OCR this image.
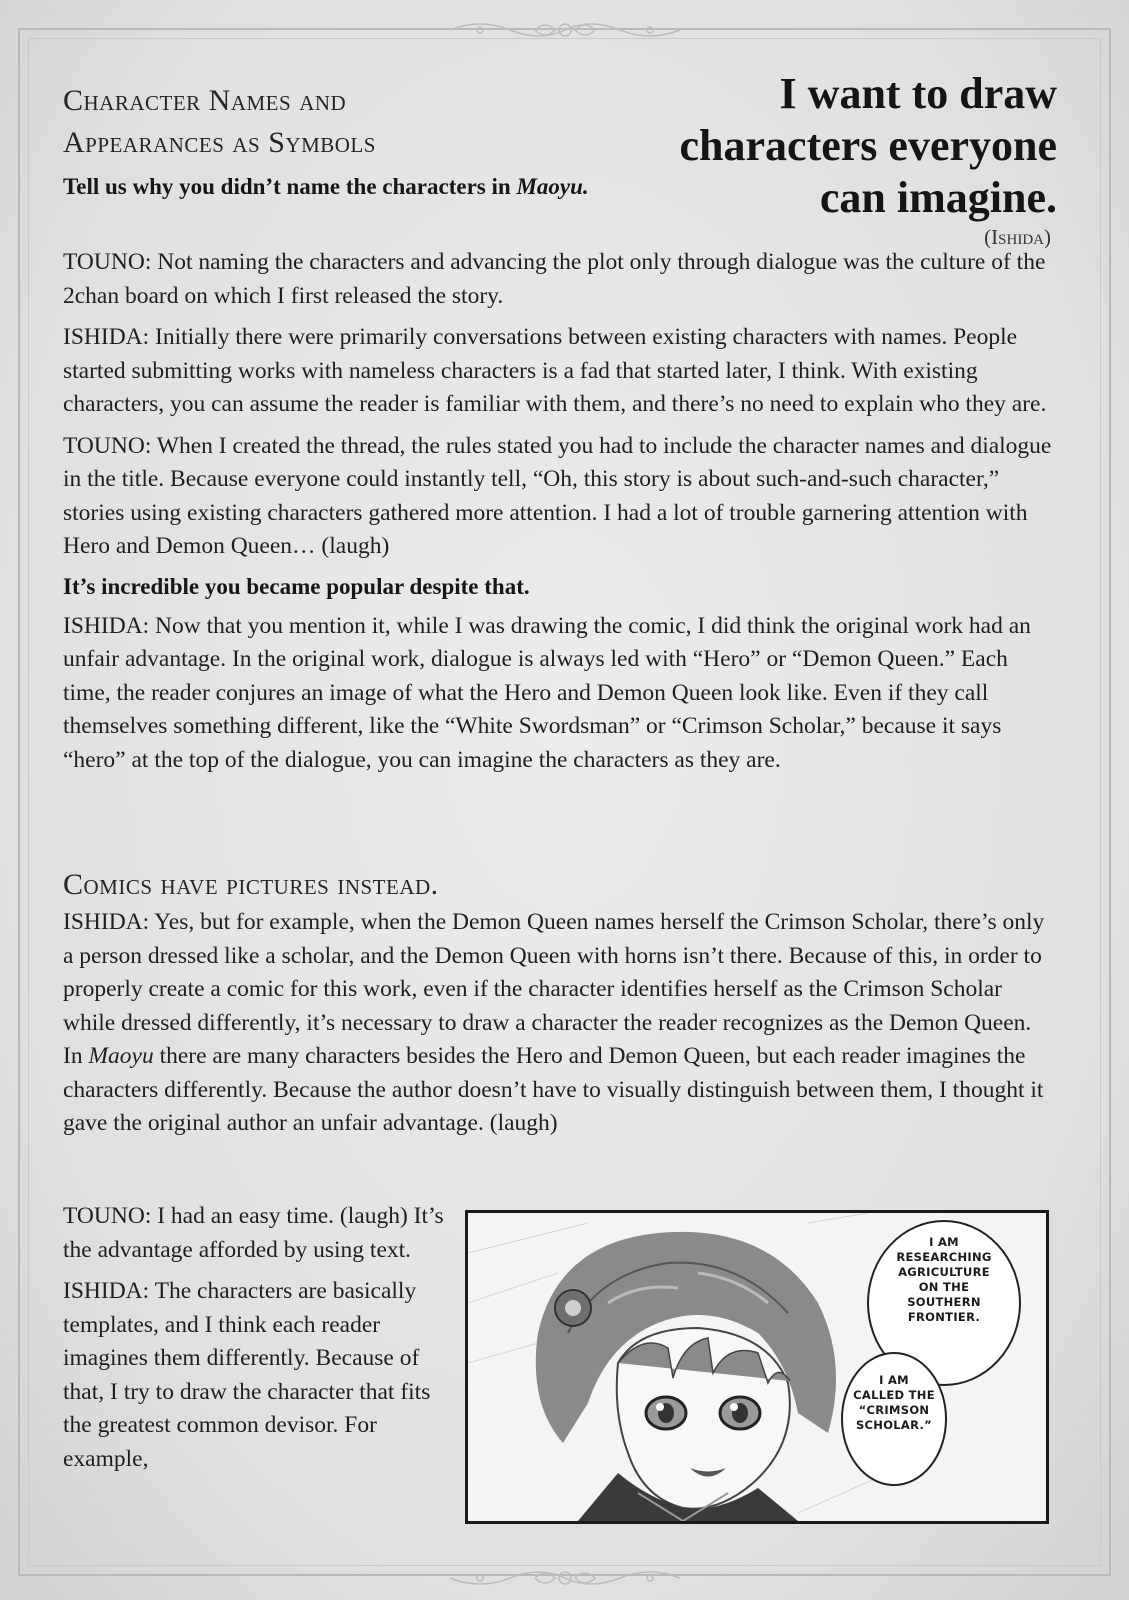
Character Names and
Appearances as Symbols
I want to draw
characters everyone
can imagine.
(Ishida)

Tell us why you didn’t name the characters in Maoyu.

TOUNO: Not naming the characters and advancing the plot only through dialogue was the culture of the 2chan board on which I first released the story.

ISHIDA: Initially there were primarily conversations between existing characters with names. People started submitting works with nameless characters is a fad that started later, I think. With existing characters, you can assume the reader is familiar with them, and there’s no need to explain who they are.

TOUNO: When I created the thread, the rules stated you had to include the character names and dialogue in the title. Because everyone could instantly tell, “Oh, this story is about such-and-such character,” stories using existing characters gathered more attention. I had a lot of trouble garnering attention with Hero and Demon Queen… (laugh)

It’s incredible you became popular despite that.

ISHIDA: Now that you mention it, while I was drawing the comic, I did think the original work had an unfair advantage. In the original work, dialogue is always led with “Hero” or “Demon Queen.” Each time, the reader conjures an image of what the Hero and Demon Queen look like. Even if they call themselves something different, like the “White Swordsman” or “Crimson Scholar,” because it says “hero” at the top of the dialogue, you can imagine the characters as they are.

Comics have pictures instead.

ISHIDA: Yes, but for example, when the Demon Queen names herself the Crimson Scholar, there’s only a person dressed like a scholar, and the Demon Queen with horns isn’t there. Because of this, in order to properly create a comic for this work, even if the character identifies herself as the Crimson Scholar while dressed differently, it’s necessary to draw a character the reader recognizes as the Demon Queen. In Maoyu there are many characters besides the Hero and Demon Queen, but each reader imagines the characters differently. Because the author doesn’t have to visually distinguish between them, I thought it gave the original author an unfair advantage. (laugh)

TOUNO: I had an easy time. (laugh) It’s the advantage afforded by using text.

ISHIDA: The characters are basically templates, and I think each reader imagines them differently. Because of that, I try to draw the character that fits the greatest common devisor. For example,

I AM RESEARCHING AGRICULTURE ON THE SOUTHERN FRONTIER.
I AM CALLED THE “CRIMSON SCHOLAR.”
